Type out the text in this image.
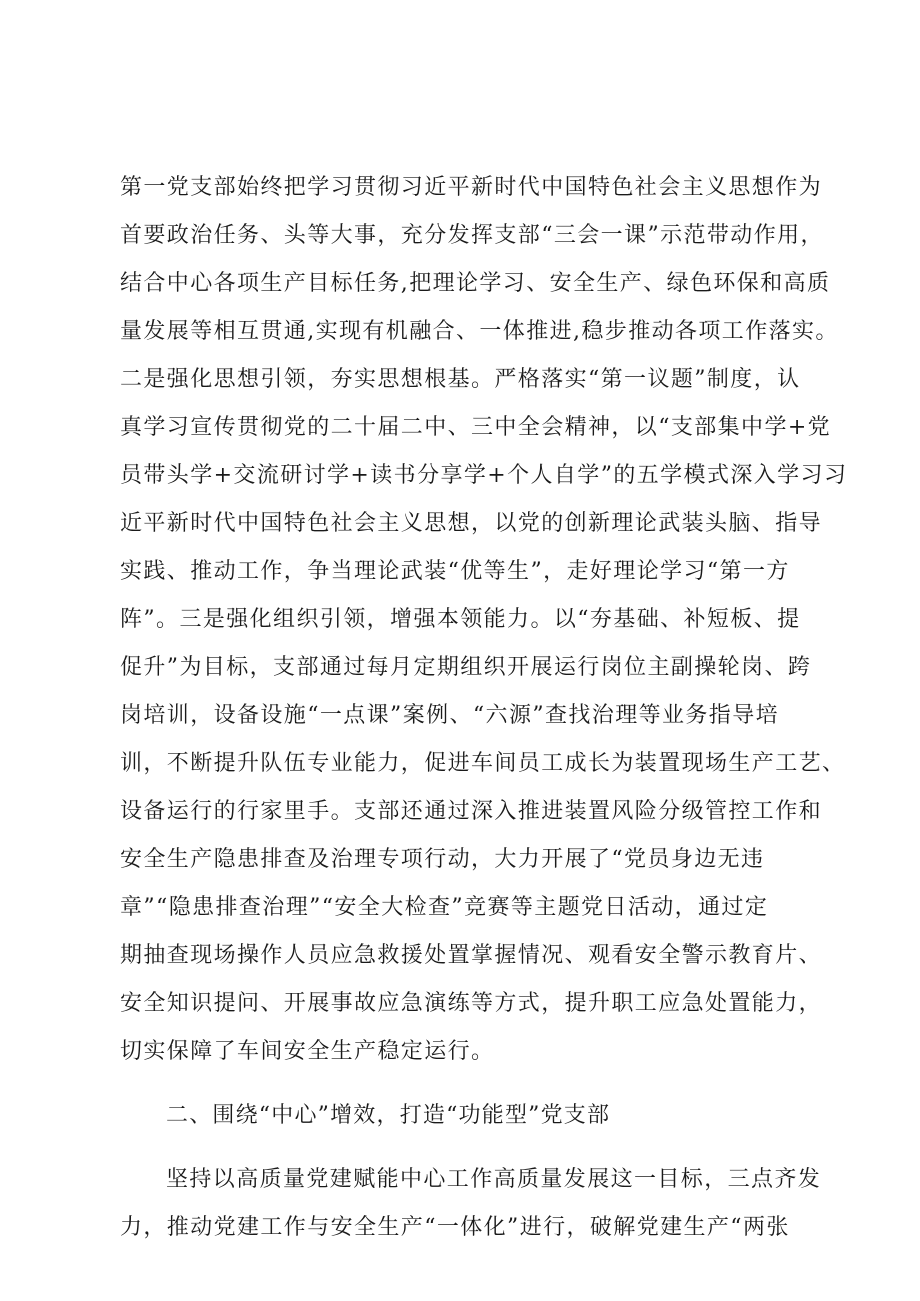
第一党支部始终把学习贯彻习近平新时代中国特色社会主义思想作为
首要政治任务、头等大事，充分发挥支部“三会一课”示范带动作用，
结合中心各项生产目标任务,把理论学习、安全生产、绿色环保和高质
量发展等相互贯通,实现有机融合、一体推进,稳步推动各项工作落实。
二是强化思想引领，夯实思想根基。严格落实“第一议题”制度，认
真学习宣传贯彻党的二十届二中、三中全会精神，以“支部集中学+党
员带头学+交流研讨学+读书分享学+个人自学”的五学模式深入学习习
近平新时代中国特色社会主义思想，以党的创新理论武装头脑、指导
实践、推动工作，争当理论武装“优等生”，走好理论学习“第一方
阵”。三是强化组织引领，增强本领能力。以“夯基础、补短板、提
促升”为目标，支部通过每月定期组织开展运行岗位主副操轮岗、跨
岗培训，设备设施“一点课”案例、“六源”查找治理等业务指导培
训，不断提升队伍专业能力，促进车间员工成长为装置现场生产工艺、
设备运行的行家里手。支部还通过深入推进装置风险分级管控工作和
安全生产隐患排查及治理专项行动，大力开展了“党员身边无违
章”“隐患排查治理”“安全大检查”竞赛等主题党日活动，通过定
期抽查现场操作人员应急救援处置掌握情况、观看安全警示教育片、
安全知识提问、开展事故应急演练等方式，提升职工应急处置能力，
切实保障了车间安全生产稳定运行。
二、围绕“中心”增效，打造“功能型”党支部
坚持以高质量党建赋能中心工作高质量发展这一目标，三点齐发
力，推动党建工作与安全生产“一体化”进行，破解党建生产“两张
